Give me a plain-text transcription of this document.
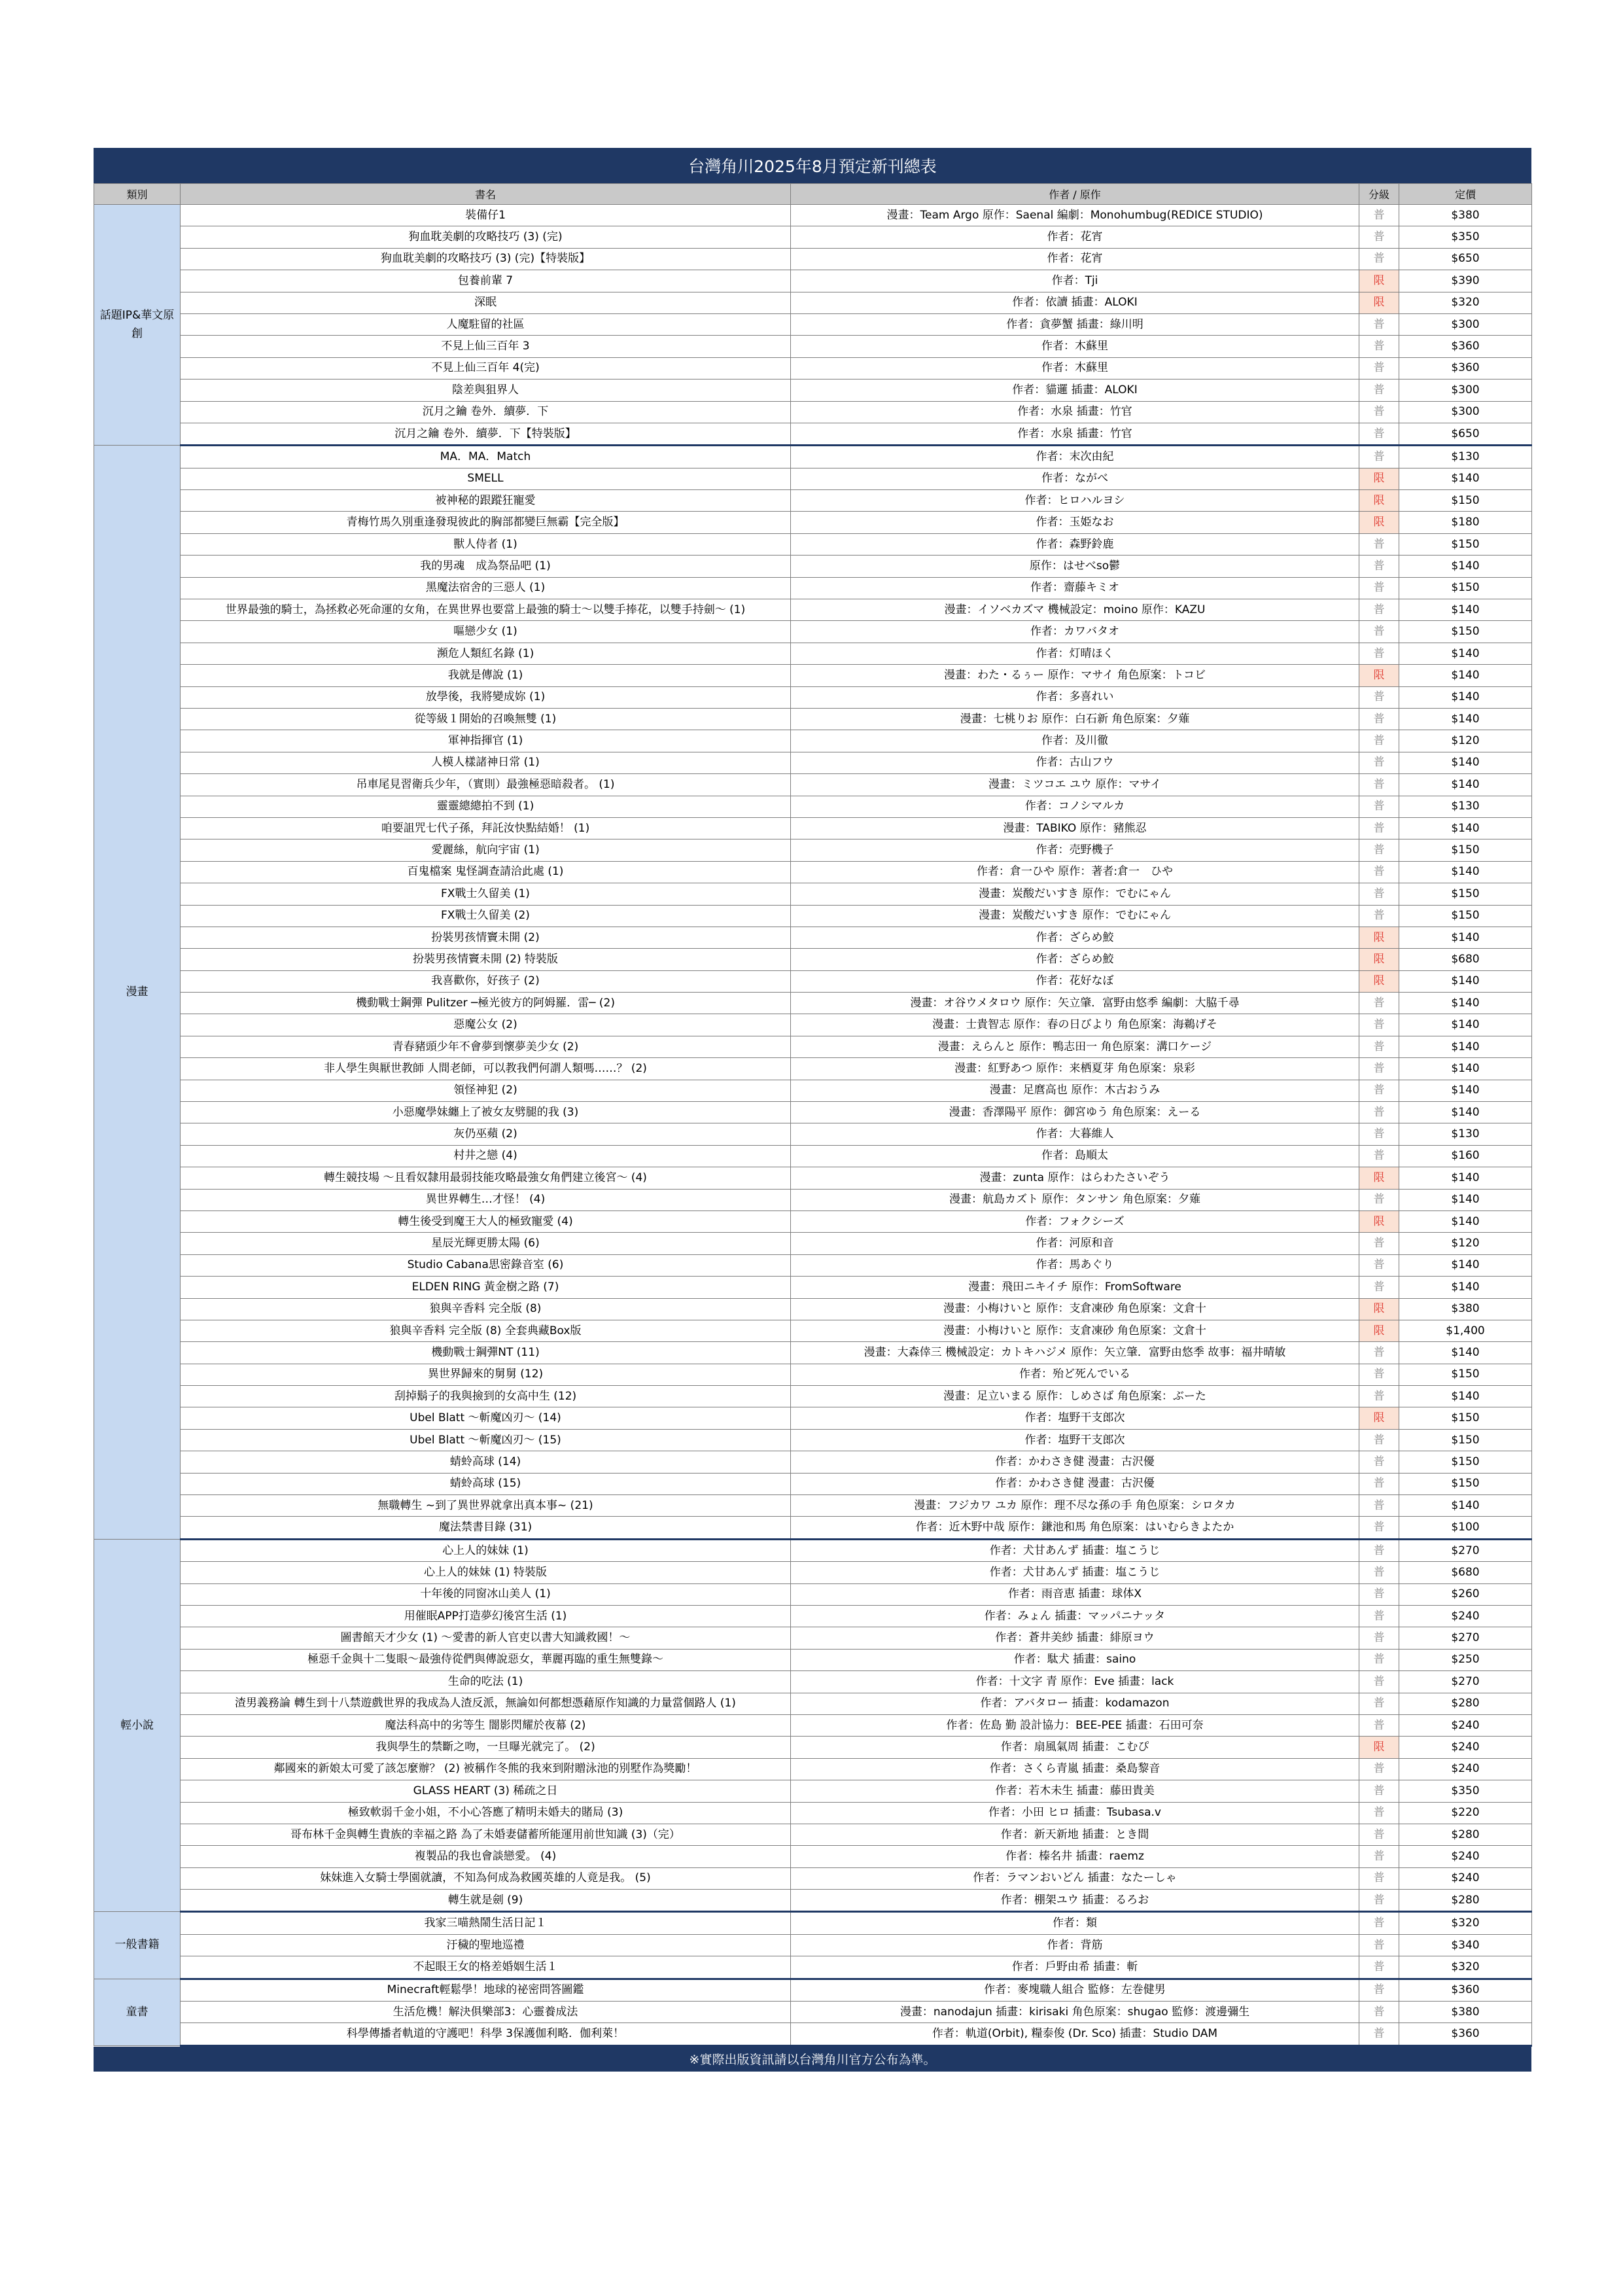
台灣角川2025年8月預定新刊總表
類別	書名	作者 / 原作	分級	定價
話題IP&華文原創	裝備仔1	漫畫：Team Argo 原作：Saenal 編劇：Monohumbug(REDICE STUDIO)	普	$380
	狗血耽美劇的攻略技巧 (3) (完)	作者：花宵	普	$350
	狗血耽美劇的攻略技巧 (3) (完)【特裝版】	作者：花宵	普	$650
	包養前輩 7	作者：Tji	限	$390
	深眠	作者：依讀 插畫：ALOKI	限	$320
	人魔駐留的社區	作者：貪夢蟹 插畫：綠川明	普	$300
	不見上仙三百年 3	作者：木蘇里	普	$360
	不見上仙三百年 4(完)	作者：木蘇里	普	$360
	陰差與狙界人	作者：貓邏 插畫：ALOKI	普	$300
	沉月之鑰 卷外．續夢．下	作者：水泉 插畫：竹官	普	$300
	沉月之鑰 卷外．續夢．下【特裝版】	作者：水泉 插畫：竹官	普	$650
漫畫	MA．MA．Match	作者：末次由紀	普	$130
	SMELL	作者：ながべ	限	$140
	被神秘的跟蹤狂寵愛	作者：ヒロハルヨシ	限	$150
	青梅竹馬久別重逢發現彼此的胸部都變巨無霸【完全版】	作者：玉姫なお	限	$180
	獸人侍者 (1)	作者：森野鈴鹿	普	$150
	我的男魂　成為祭品吧 (1)	原作：はせべso鬱	普	$140
	黑魔法宿舍的三惡人 (1)	作者：齋藤キミオ	普	$150
	世界最強的騎士，為拯救必死命運的女角，在異世界也要當上最強的騎士～以雙手捧花，以雙手持劍～ (1)	漫畫：イソベカズマ 機械設定：moino 原作：KAZU	普	$140
	嘔戀少女 (1)	作者：カワバタオ	普	$150
	瀕危人類紅名錄 (1)	作者：灯晴ほく	普	$140
	我就是傳說 (1)	漫畫：わた・るぅー 原作：マサイ 角色原案：トコビ	限	$140
	放學後，我將變成妳 (1)	作者：多喜れい	普	$140
	從等級１開始的召喚無雙 (1)	漫畫：七桃りお 原作：白石新 角色原案：夕薙	普	$140
	軍神指揮官 (1)	作者：及川徹	普	$120
	人模人樣諸神日常 (1)	作者：古山フウ	普	$140
	吊車尾見習衛兵少年，（實則）最強極惡暗殺者。 (1)	漫畫：ミツコエ ユウ 原作：マサイ	普	$140
	靈靈總總拍不到 (1)	作者：コノシマルカ	普	$130
	咱要詛咒七代子孫，拜託汝快點結婚！ (1)	漫畫：TABIKO 原作：豬熊忍	普	$140
	愛麗絲，航向宇宙 (1)	作者：売野機子	普	$150
	百鬼檔案 鬼怪調查請洽此處 (1)	作者：倉一ひや 原作：著者:倉一　ひや	普	$140
	FX戰士久留美 (1)	漫畫：炭酸だいすき 原作：でむにゃん	普	$150
	FX戰士久留美 (2)	漫畫：炭酸だいすき 原作：でむにゃん	普	$150
	扮裝男孩情竇未開 (2)	作者：ざらめ鮫	限	$140
	扮裝男孩情竇未開 (2) 特裝版	作者：ざらめ鮫	限	$680
	我喜歡你，好孩子 (2)	作者：花好なぼ	限	$140
	機動戰士鋼彈 Pulitzer ─極光彼方的阿姆羅．雷─ (2)	漫畫：オ谷ウメタロウ 原作：矢立肇．富野由悠季 編劇：大脇千尋	普	$140
	惡魔公女 (2)	漫畫：士貴智志 原作：春の日びより 角色原案：海鵜げそ	普	$140
	青春豬頭少年不會夢到懷夢美少女 (2)	漫畫：えらんと 原作：鴨志田一 角色原案：溝口ケージ	普	$140
	非人學生與厭世教師 人間老師，可以教我們何謂人類嗎……？ (2)	漫畫：紅野あつ 原作：来栖夏芽 角色原案：泉彩	普	$140
	領怪神犯 (2)	漫畫：足麿高也 原作：木古おうみ	普	$140
	小惡魔學妹纏上了被女友劈腿的我 (3)	漫畫：香澤陽平 原作：御宮ゆう 角色原案：えーる	普	$140
	灰仍巫蘋 (2)	作者：大暮維人	普	$130
	村井之戀 (4)	作者：島順太	普	$160
	轉生競技場 ～且看奴隸用最弱技能攻略最強女角們建立後宮～ (4)	漫畫：zunta 原作：はらわたさいぞう	限	$140
	異世界轉生…才怪！ (4)	漫畫：航島カズト 原作：タンサン 角色原案：夕薙	普	$140
	轉生後受到魔王大人的極致寵愛 (4)	作者：フォクシーズ	限	$140
	星辰光輝更勝太陽 (6)	作者：河原和音	普	$120
	Studio Cabana思密錄音室 (6)	作者：馬あぐり	普	$140
	ELDEN RING 黃金樹之路 (7)	漫畫：飛田ニキイチ 原作：FromSoftware	普	$140
	狼與辛香料 完全版 (8)	漫畫：小梅けいと 原作：支倉凍砂 角色原案：文倉十	限	$380
	狼與辛香料 完全版 (8) 全套典藏Box版	漫畫：小梅けいと 原作：支倉凍砂 角色原案：文倉十	限	$1,400
	機動戰士鋼彈NT (11)	漫畫：大森倖三 機械設定：カトキハジメ 原作：矢立肇．富野由悠季 故事：福井晴敏	普	$140
	異世界歸來的舅舅 (12)	作者：殆ど死んでいる	普	$150
	刮掉鬍子的我與撿到的女高中生 (12)	漫畫：足立いまる 原作：しめさば 角色原案：ぶーた	普	$140
	Ubel Blatt ～斬魔凶刃～ (14)	作者：塩野干支郎次	限	$150
	Ubel Blatt ～斬魔凶刃～ (15)	作者：塩野干支郎次	普	$150
	蜻蛉高球 (14)	作者：かわさき健 漫畫：古沢優	普	$150
	蜻蛉高球 (15)	作者：かわさき健 漫畫：古沢優	普	$150
	無職轉生 ~到了異世界就拿出真本事~ (21)	漫畫：フジカワ ユカ 原作：理不尽な孫の手 角色原案：シロタカ	普	$140
	魔法禁書目錄 (31)	作者：近木野中哉 原作：鎌池和馬 角色原案：はいむらきよたか	普	$100
輕小說	心上人的妹妹 (1)	作者：犬甘あんず 插畫：塩こうじ	普	$270
	心上人的妹妹 (1) 特裝版	作者：犬甘あんず 插畫：塩こうじ	普	$680
	十年後的同窗冰山美人 (1)	作者：雨音恵 插畫：球体X	普	$260
	用催眠APP打造夢幻後宮生活 (1)	作者：みょん 插畫：マッパニナッタ	普	$240
	圖書館天才少女 (1) ～愛書的新人官吏以書大知識救國！～	作者：蒼井美紗 插畫：緋原ヨウ	普	$270
	極惡千金與十二隻眼～最強侍從們與傳說惡女，華麗再臨的重生無雙錄～	作者：駄犬 插畫：saino	普	$250
	生命的吃法 (1)	作者：十文字 青 原作：Eve 插畫：lack	普	$270
	渣男義務論 轉生到十八禁遊戲世界的我成為人渣反派，無論如何都想憑藉原作知識的力量當個路人 (1)	作者：アバタロー 插畫：kodamazon	普	$280
	魔法科高中的劣等生 闇影閃耀於夜幕 (2)	作者：佐島 勤 設計協力：BEE-PEE 插畫：石田可奈	普	$240
	我與學生的禁斷之吻，一旦曝光就完了。 (2)	作者：扇風氣周 插畫：こむぴ	限	$240
	鄰國來的新娘太可愛了該怎麼辦？ (2) 被稱作冬熊的我來到附贈泳池的別墅作為獎勵！	作者：さくら青嵐 插畫：桑島黎音	普	$240
	GLASS HEART (3) 稀疏之日	作者：若木未生 插畫：藤田貴美	普	$350
	極致軟弱千金小姐，不小心答應了精明未婚夫的賭局 (3)	作者：小田 ヒロ 插畫：Tsubasa.v	普	$220
	哥布林千金與轉生貴族的幸福之路 為了未婚妻儲蓄所能運用前世知識 (3)（完）	作者：新天新地 插畫：とき間	普	$280
	複製品的我也會談戀愛。 (4)	作者：榛名井 插畫：raemz	普	$240
	妹妹進入女騎士學園就讀，不知為何成為救國英雄的人竟是我。 (5)	作者：ラマンおいどん 插畫：なたーしゃ	普	$240
	轉生就是劍 (9)	作者：棚架ユウ 插畫：るろお	普	$280
一般書籍	我家三喵熱鬧生活日記１	作者：類	普	$320
	汙穢的聖地巡禮	作者：背筋	普	$340
	不起眼王女的格差婚姻生活１	作者：戶野由希 插畫：斬	普	$320
童書	Minecraft輕鬆學！地球的祕密問答圖鑑	作者：麥塊職人組合 監修：左巻健男	普	$360
	生活危機！解決俱樂部3：心靈養成法	漫畫：nanodajun 插畫：kirisaki 角色原案：shugao 監修：渡邊彌生	普	$380
	科學傳播者軌道的守護吧！科學 3保護伽利略．伽利萊！	作者：軌道(Orbit), 糧泰俊 (Dr. Sco) 插畫：Studio DAM	普	$360
※實際出版資訊請以台灣角川官方公布為準。
